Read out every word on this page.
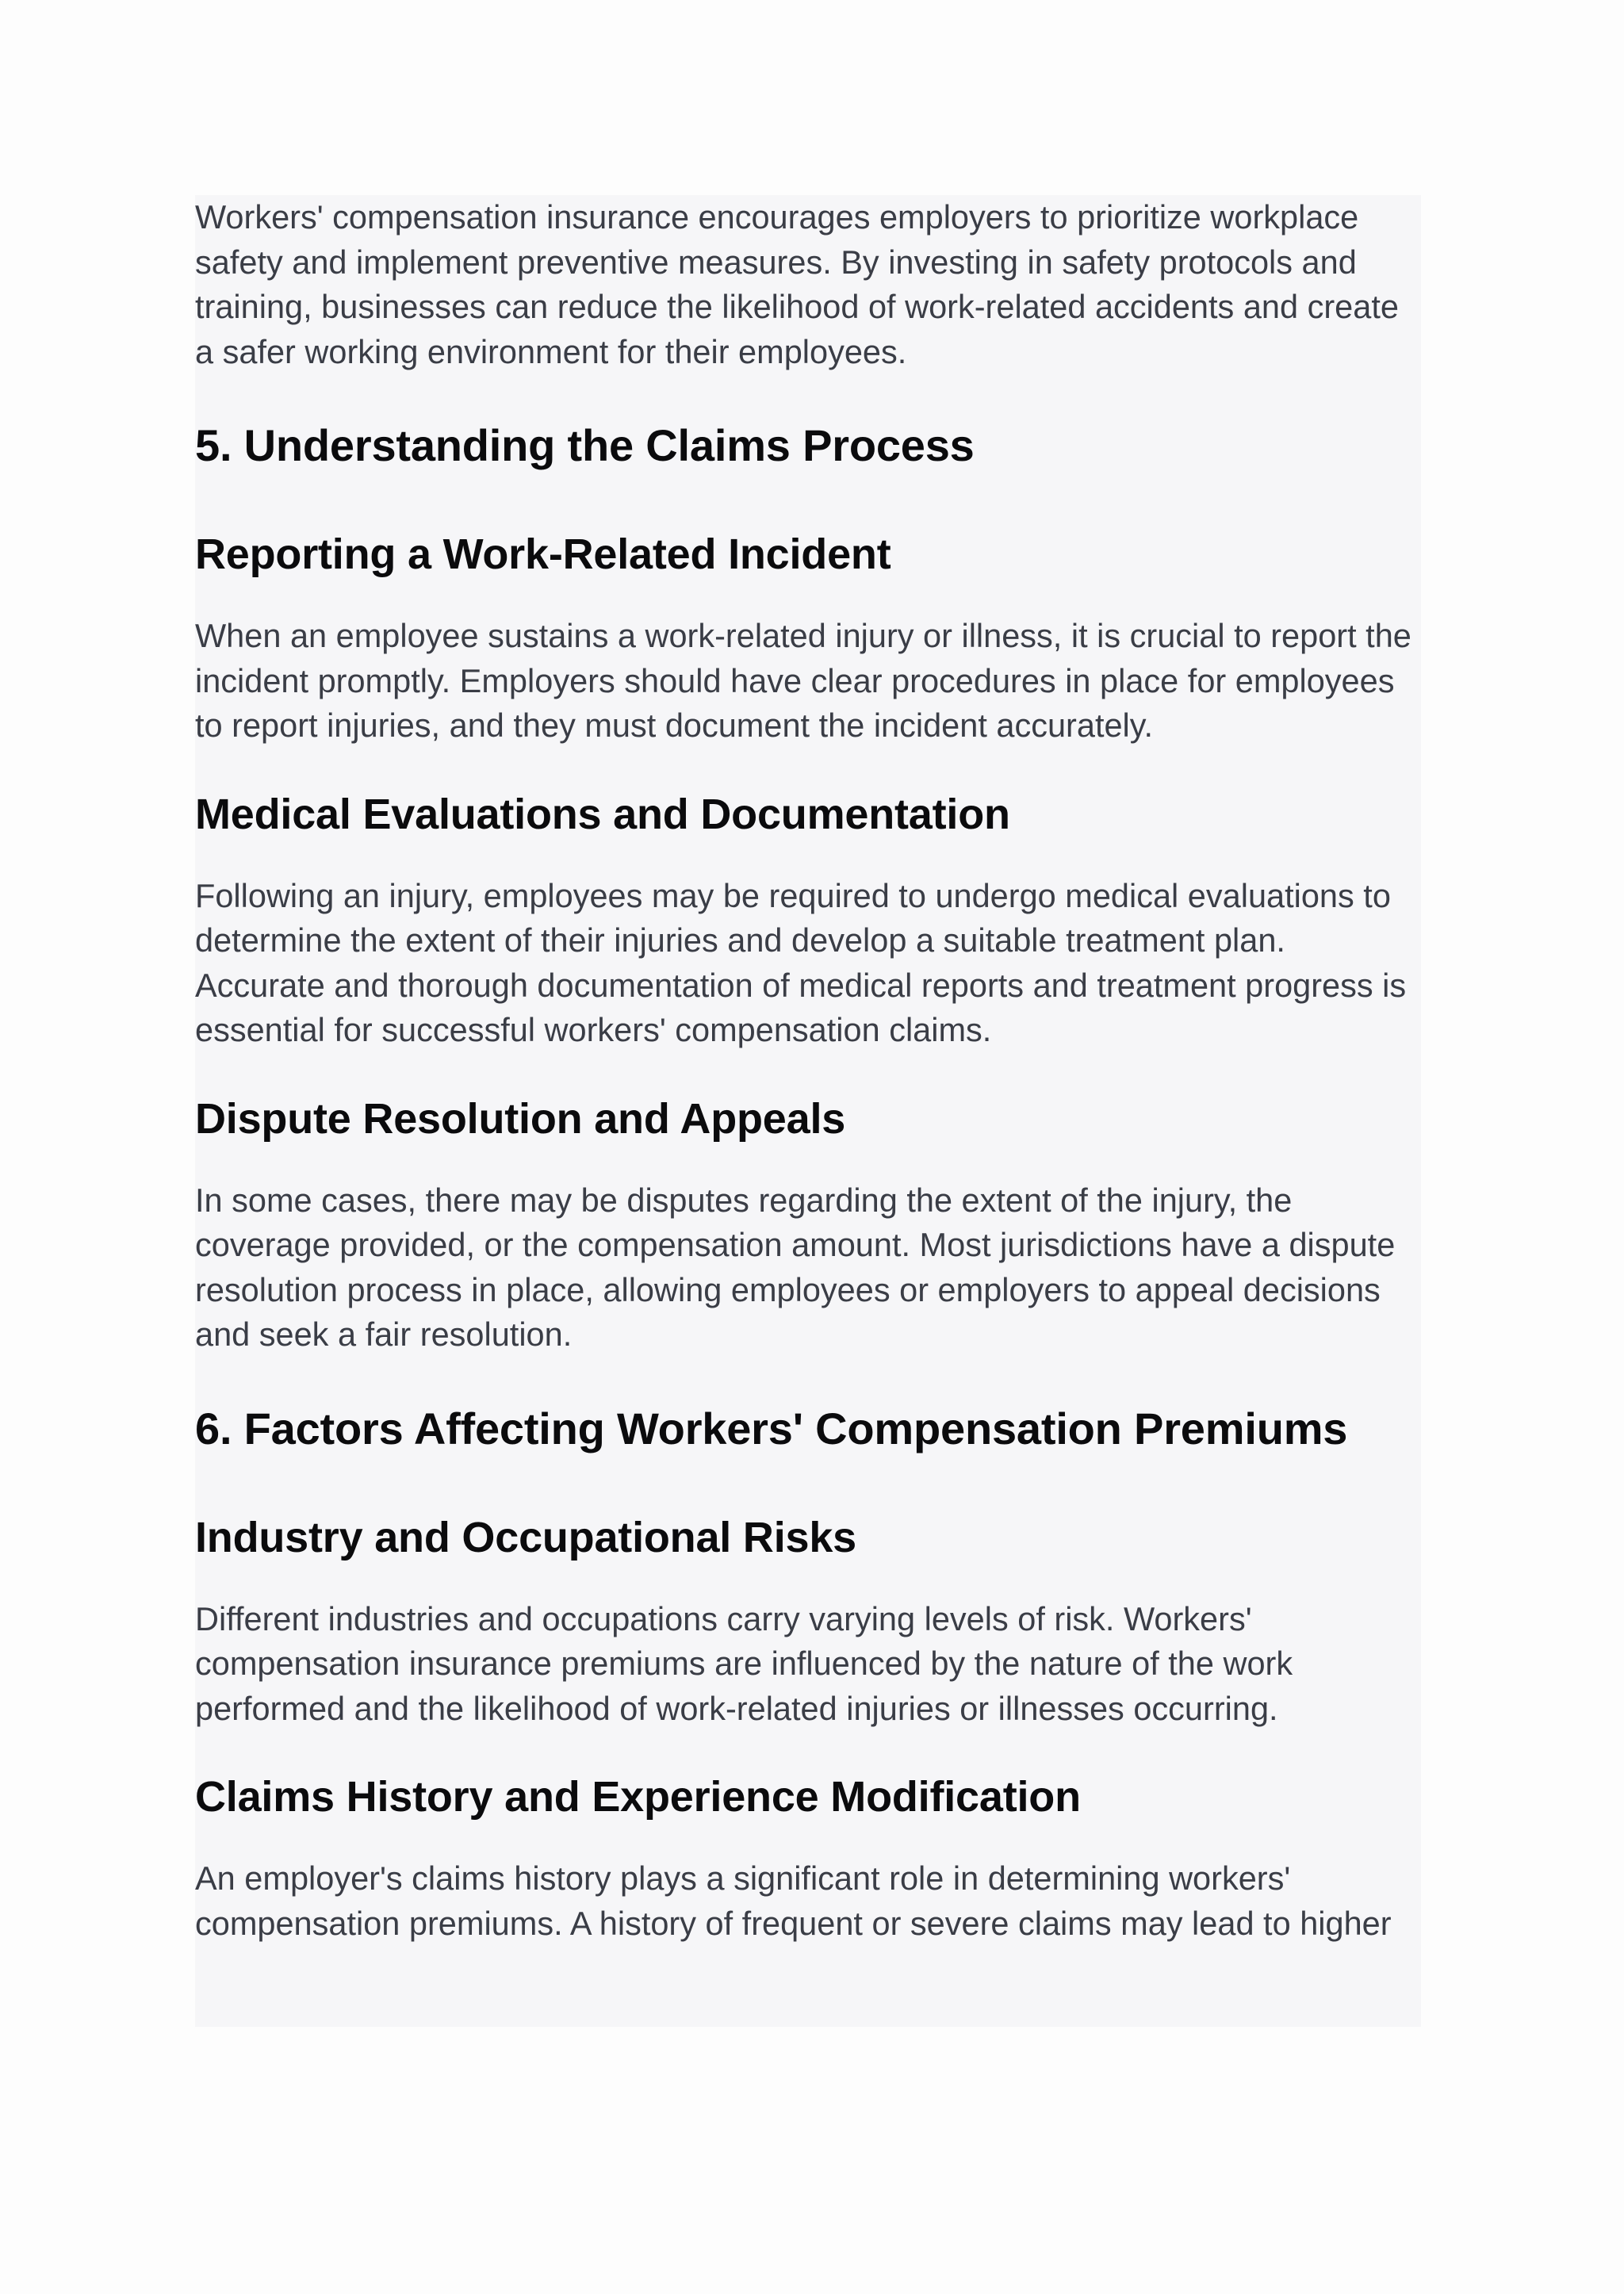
Workers' compensation insurance encourages employers to prioritize workplace safety and implement preventive measures. By investing in safety protocols and training, businesses can reduce the likelihood of work-related accidents and create a safer working environment for their employees.

5. Understanding the Claims Process
Reporting a Work-Related Incident

When an employee sustains a work-related injury or illness, it is crucial to report the incident promptly. Employers should have clear procedures in place for employees to report injuries, and they must document the incident accurately.

Medical Evaluations and Documentation

Following an injury, employees may be required to undergo medical evaluations to determine the extent of their injuries and develop a suitable treatment plan. Accurate and thorough documentation of medical reports and treatment progress is essential for successful workers' compensation claims.

Dispute Resolution and Appeals

In some cases, there may be disputes regarding the extent of the injury, the coverage provided, or the compensation amount. Most jurisdictions have a dispute resolution process in place, allowing employees or employers to appeal decisions and seek a fair resolution.

6. Factors Affecting Workers' Compensation Premiums
Industry and Occupational Risks

Different industries and occupations carry varying levels of risk. Workers' compensation insurance premiums are influenced by the nature of the work performed and the likelihood of work-related injuries or illnesses occurring.

Claims History and Experience Modification

An employer's claims history plays a significant role in determining workers' compensation premiums. A history of frequent or severe claims may lead to higher
